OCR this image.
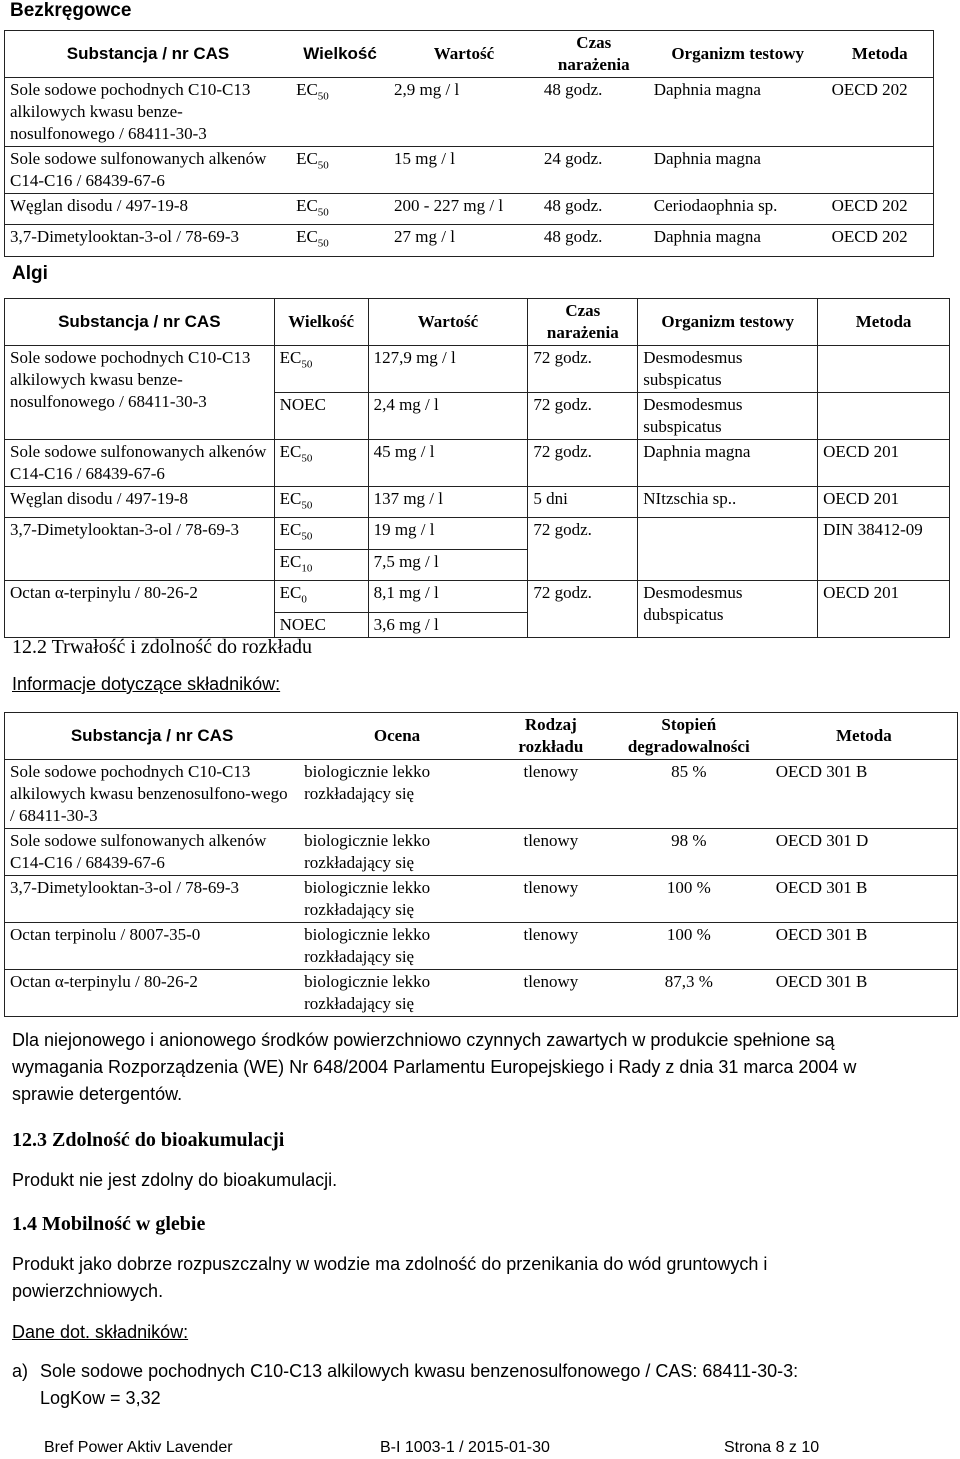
Bezkręgowce
Substancja / nr CAS	Wielkość	Wartość	Czas narażenia	Organizm testowy	Metoda
Sole sodowe pochodnych C10-C13 alkilowych kwasu benze-nosulfonowego / 68411-30-3	$EC_{50}$	2,9 mg / l	48 godz.	Daphnia magna	OECD 202
Sole sodowe sulfonowanych alkenów C14-C16 / 68439-67-6	$EC_{50}$	15 mg / l	24 godz.	Daphnia magna	
Węglan disodu / 497-19-8	$EC_{50}$	200 - 227 mg / l	48 godz.	Ceriodaophnia sp.	OECD 202
3,7-Dimetylooktan-3-ol / 78-69-3	$EC_{50}$	27 mg / l	48 godz.	Daphnia magna	OECD 202
Algi
Substancja / nr CAS	Wielkość	Wartość	Czas narażenia	Organizm testowy	Metoda
Sole sodowe pochodnych C10-C13 alkilowych kwasu benze-nosulfonowego / 68411-30-3	$EC_{50}$	127,9 mg / l	72 godz.	Desmodesmus subspicatus	
	NOEC	2,4 mg / l	72 godz.	Desmodesmus subspicatus	
Sole sodowe sulfonowanych alkenów C14-C16 / 68439-67-6	$EC_{50}$	45 mg / l	72 godz.	Daphnia magna	OECD 201
Węglan disodu / 497-19-8	$EC_{50}$	137 mg / l	5 dni	NItzschia sp..	OECD 201
3,7-Dimetylooktan-3-ol / 78-69-3	$EC_{50}$	19 mg / l	72 godz.		DIN 38412-09
	$EC_{10}$	7,5 mg / l			
Octan α-terpinylu / 80-26-2	$EC_0$	8,1 mg / l	72 godz.	Desmodesmus dubspicatus	OECD 201
	NOEC	3,6 mg / l			
12.2 Trwałość i zdolność do rozkładu
Informacje dotyczące składników:
Substancja / nr CAS	Ocena	Rodzaj rozkładu	Stopień degradowalności	Metoda
Sole sodowe pochodnych C10-C13 alkilowych kwasu benzenosulfono-wego / 68411-30-3	biologicznie lekko rozkładający się	tlenowy	85 %	OECD 301 B
Sole sodowe sulfonowanych alkenów C14-C16 / 68439-67-6	biologicznie lekko rozkładający się	tlenowy	98 %	OECD 301 D
3,7-Dimetylooktan-3-ol / 78-69-3	biologicznie lekko rozkładający się	tlenowy	100 %	OECD 301 B
Octan terpinolu / 8007-35-0	biologicznie lekko rozkładający się	tlenowy	100 %	OECD 301 B
Octan α-terpinylu / 80-26-2	biologicznie lekko rozkładający się	tlenowy	87,3 %	OECD 301 B
Dla niejonowego i anionowego środków powierzchniowo czynnych zawartych w produkcie spełnione są wymagania Rozporządzenia (WE) Nr 648/2004 Parlamentu Europejskiego i Rady z dnia 31 marca 2004 w sprawie detergentów.
12.3 Zdolność do bioakumulacji
Produkt nie jest zdolny do bioakumulacji.
1.4 Mobilność w glebie
Produkt jako dobrze rozpuszczalny w wodzie ma zdolność do przenikania do wód gruntowych i powierzchniowych.
Dane dot. składników:
a) Sole sodowe pochodnych C10-C13 alkilowych kwasu benzenosulfonowego / CAS: 68411-30-3:
LogKow = 3,32
Bref Power Aktiv Lavender	B-I 1003-1 / 2015-01-30	Strona 8 z 10
